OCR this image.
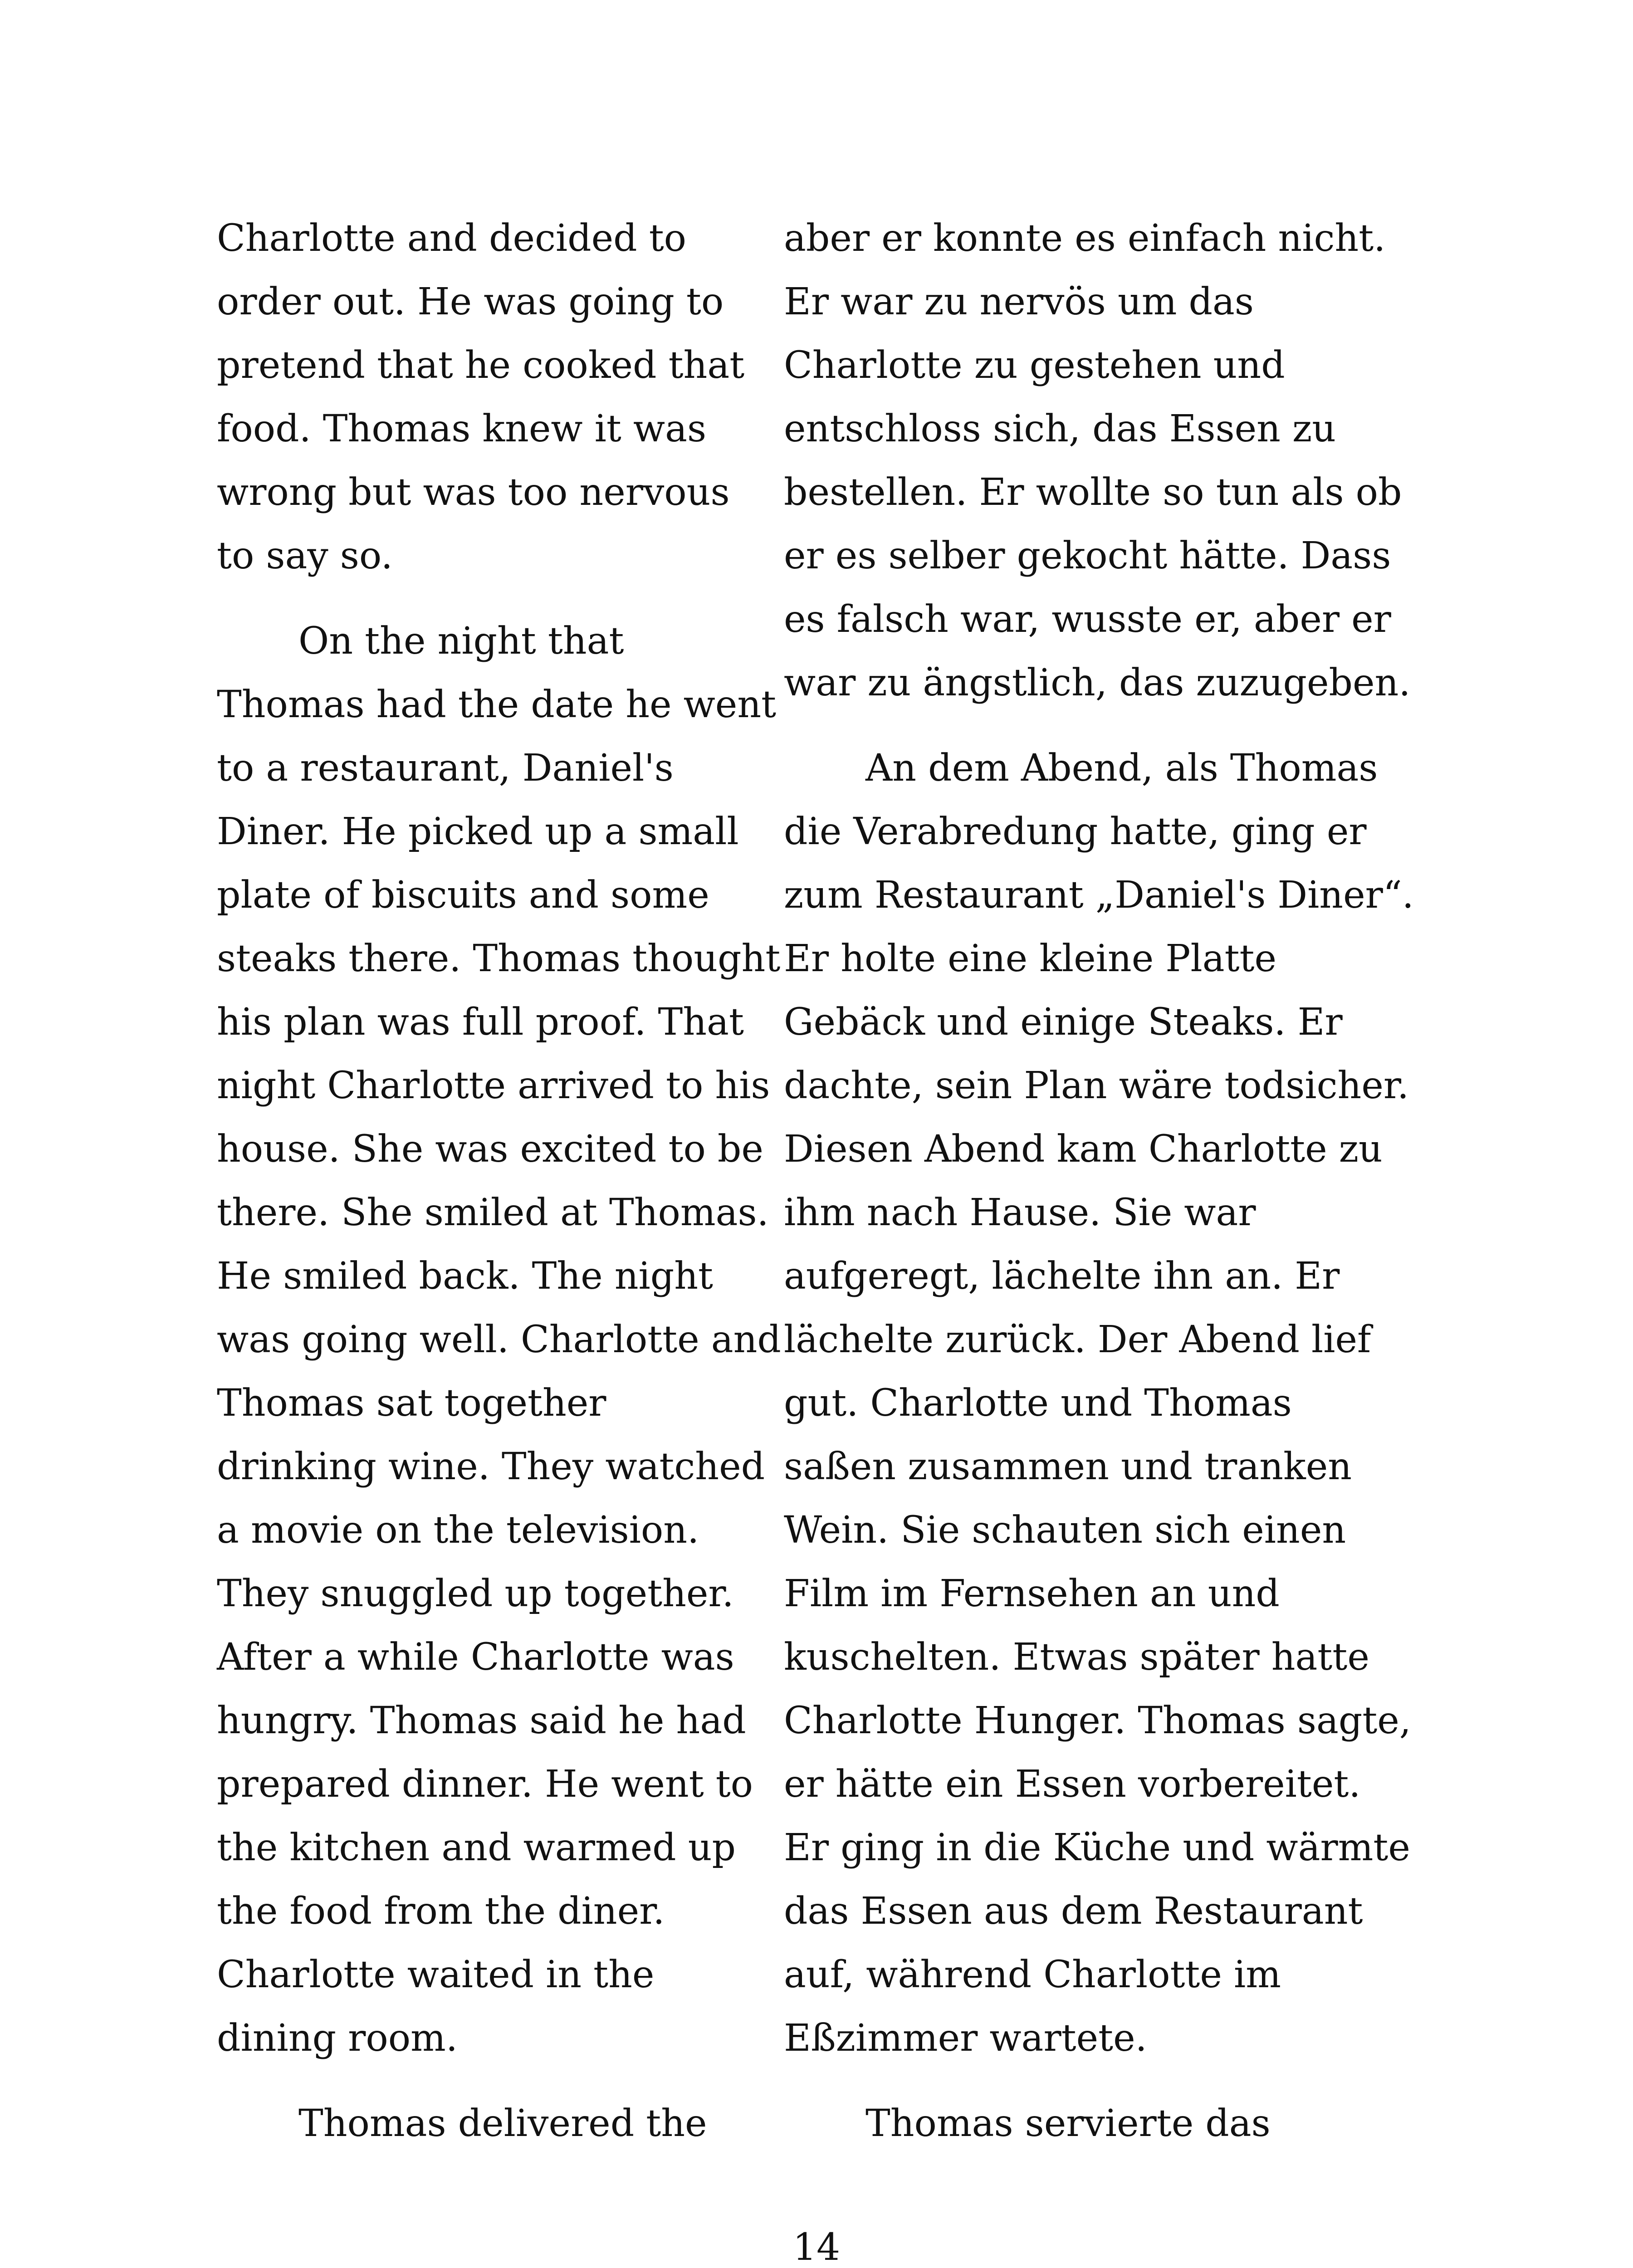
Charlotte and decided to
order out. He was going to
pretend that he cooked that
food. Thomas knew it was
wrong but was too nervous
to say so.
On the night that
Thomas had the date he went
to a restaurant, Daniel's
Diner. He picked up a small
plate of biscuits and some
steaks there. Thomas thought
his plan was full proof. That
night Charlotte arrived to his
house. She was excited to be
there. She smiled at Thomas.
He smiled back. The night
was going well. Charlotte and
Thomas sat together
drinking wine. They watched
a movie on the television.
They snuggled up together.
After a while Charlotte was
hungry. Thomas said he had
prepared dinner. He went to
the kitchen and warmed up
the food from the diner.
Charlotte waited in the
dining room.
Thomas delivered the
aber er konnte es einfach nicht.
Er war zu nervös um das
Charlotte zu gestehen und
entschloss sich, das Essen zu
bestellen. Er wollte so tun als ob
er es selber gekocht hätte. Dass
es falsch war, wusste er, aber er
war zu ängstlich, das zuzugeben.
An dem Abend, als Thomas
die Verabredung hatte, ging er
zum Restaurant „Daniel's Diner“.
Er holte eine kleine Platte
Gebäck und einige Steaks. Er
dachte, sein Plan wäre todsicher.
Diesen Abend kam Charlotte zu
ihm nach Hause. Sie war
aufgeregt, lächelte ihn an. Er
lächelte zurück. Der Abend lief
gut. Charlotte und Thomas
saßen zusammen und tranken
Wein. Sie schauten sich einen
Film im Fernsehen an und
kuschelten. Etwas später hatte
Charlotte Hunger. Thomas sagte,
er hätte ein Essen vorbereitet.
Er ging in die Küche und wärmte
das Essen aus dem Restaurant
auf, während Charlotte im
Eßzimmer wartete.
Thomas servierte das
14
